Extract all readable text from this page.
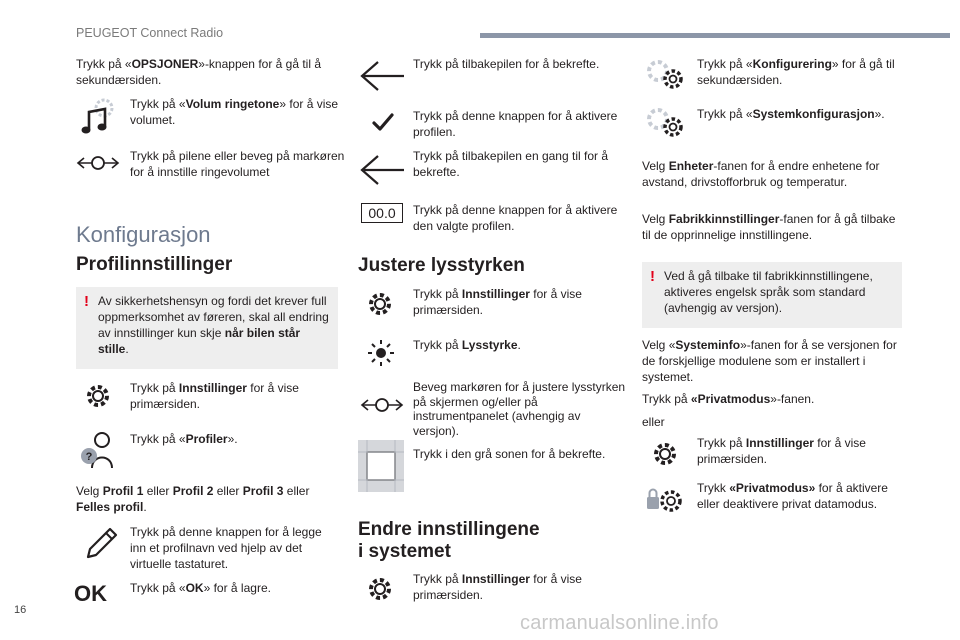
PEUGEOT Connect Radio
16
carmanualsonline.info
Trykk på «OPSJONER»-knappen for å gå til å sekundærsiden.
Trykk på «Volum ringetone» for å vise volumet.
Trykk på pilene eller beveg på markøren for å innstille ringevolumet
Konfigurasjon
Profilinnstillinger
! Av sikkerhetshensyn og fordi det krever full oppmerksomhet av føreren, skal all endring av innstillinger kun skje når bilen står stille.
Trykk på Innstillinger for å vise primærsiden.
?
Trykk på «Profiler».
Velg Profil 1 eller Profil 2 eller Profil 3 eller Felles profil.
Trykk på denne knappen for å legge inn et profilnavn ved hjelp av det virtuelle tastaturet.
OK Trykk på «OK» for å lagre.
Trykk på tilbakepilen for å bekrefte.
Trykk på denne knappen for å aktivere profilen.
Trykk på tilbakepilen en gang til for å bekrefte.
00.0	Trykk på denne knappen for å aktivere den valgte profilen.
Justere lysstyrken
Trykk på Innstillinger for å vise primærsiden.
Trykk på Lysstyrke.
Beveg markøren for å justere lysstyrken på skjermen og/eller på instrumentpanelet (avhengig av versjon).
Trykk i den grå sonen for å bekrefte.
Endre innstillingene
i systemet
Trykk på Innstillinger for å vise primærsiden.
Trykk på «Konfigurering» for å gå til sekundærsiden.
Trykk på «Systemkonfigurasjon».
Velg Enheter-fanen for å endre enhetene for avstand, drivstofforbruk og temperatur.
Velg Fabrikkinnstillinger-fanen for å gå tilbake til de opprinnelige innstillingene.
! Ved å gå tilbake til fabrikkinnstillingene, aktiveres engelsk språk som standard (avhengig av versjon).
Velg «Systeminfo»-fanen for å se versjonen for de forskjellige modulene som er installert i systemet.
Trykk på «Privatmodus»-fanen.
eller
Trykk på Innstillinger for å vise primærsiden.
Trykk «Privatmodus» for å aktivere eller deaktivere privat datamodus.
